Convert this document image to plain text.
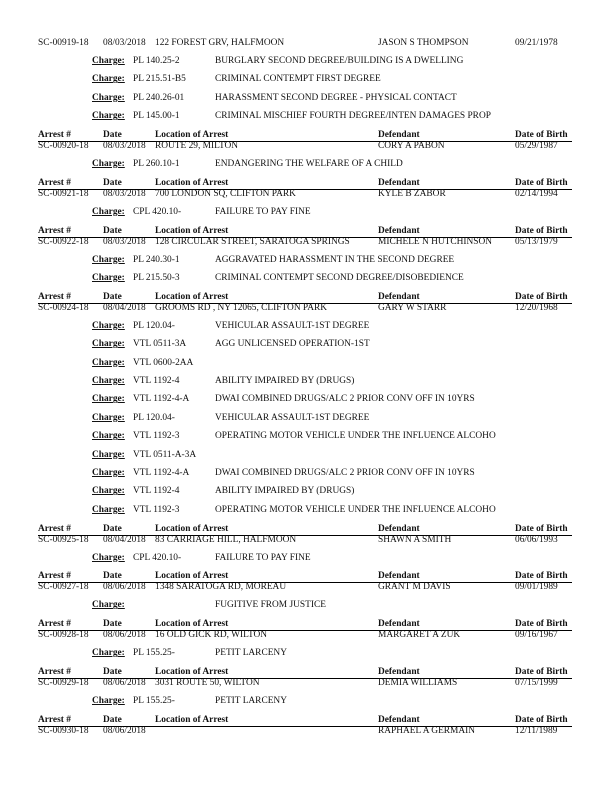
SC-00919-18 08/03/2018 122 FOREST GRV, HALFMOON	JASON S THOMPSON	09/21/1978
Charge: PL 140.25-2	BURGLARY SECOND DEGREE/BUILDING IS A DWELLING
Charge: PL 215.51-B5	CRIMINAL CONTEMPT FIRST DEGREE
Charge: PL 240.26-01	HARASSMENT SECOND DEGREE - PHYSICAL CONTACT
Charge: PL 145.00-1	CRIMINAL MISCHIEF FOURTH DEGREE/INTEN DAMAGES PROP
Arrest #	Date	Location of Arrest	Defendant	Date of Birth
SC-00920-18 08/03/2018 ROUTE 29, MILTON	CORY A PABON	05/29/1987
Charge: PL 260.10-1	ENDANGERING THE WELFARE OF A CHILD
Arrest #	Date	Location of Arrest	Defendant	Date of Birth
SC-00921-18 08/03/2018 700 LONDON SQ, CLIFTON PARK	KYLE B ZABOR	02/14/1994
Charge: CPL 420.10-	FAILURE TO PAY FINE
Arrest #	Date	Location of Arrest	Defendant	Date of Birth
SC-00922-18 08/03/2018 128 CIRCULAR STREET, SARATOGA SPRINGS	MICHELE N HUTCHINSON 05/13/1979
Charge: PL 240.30-1	AGGRAVATED HARASSMENT IN THE SECOND DEGREE
Charge: PL 215.50-3	CRIMINAL CONTEMPT SECOND DEGREE/DISOBEDIENCE
Arrest #	Date	Location of Arrest	Defendant	Date of Birth
SC-00924-18 08/04/2018 GROOMS RD , NY 12065, CLIFTON PARK	GARY W STARR	12/20/1968
Charge: PL 120.04-	VEHICULAR ASSAULT-1ST DEGREE
Charge: VTL 0511-3A	AGG UNLICENSED OPERATION-1ST
Charge: VTL 0600-2AA
Charge: VTL 1192-4	ABILITY IMPAIRED BY (DRUGS)
Charge: VTL 1192-4-A	DWAI COMBINED DRUGS/ALC 2 PRIOR CONV OFF IN 10YRS
Charge: PL 120.04-	VEHICULAR ASSAULT-1ST DEGREE
Charge: VTL 1192-3	OPERATING MOTOR VEHICLE UNDER THE INFLUENCE ALCOHO
Charge: VTL 0511-A-3A
Charge: VTL 1192-4-A	DWAI COMBINED DRUGS/ALC 2 PRIOR CONV OFF IN 10YRS
Charge: VTL 1192-4	ABILITY IMPAIRED BY (DRUGS)
Charge: VTL 1192-3	OPERATING MOTOR VEHICLE UNDER THE INFLUENCE ALCOHO
Arrest #	Date	Location of Arrest	Defendant	Date of Birth
SC-00925-18 08/04/2018 83 CARRIAGE HILL, HALFMOON	SHAWN A SMITH	06/06/1993
Charge: CPL 420.10-	FAILURE TO PAY FINE
Arrest #	Date	Location of Arrest	Defendant	Date of Birth
SC-00927-18 08/06/2018 1348 SARATOGA RD, MOREAU	GRANT M DAVIS	09/01/1989
Charge:	FUGITIVE FROM JUSTICE
Arrest #	Date	Location of Arrest	Defendant	Date of Birth
SC-00928-18 08/06/2018 16 OLD GICK RD, WILTON	MARGARET A ZUK	09/16/1967
Charge: PL 155.25-	PETIT LARCENY
Arrest #	Date	Location of Arrest	Defendant	Date of Birth
SC-00929-18 08/06/2018 3031 ROUTE 50, WILTON	DEMIA WILLIAMS	07/15/1999
Charge: PL 155.25-	PETIT LARCENY
Arrest #	Date	Location of Arrest	Defendant	Date of Birth
SC-00930-18 08/06/2018	RAPHAEL A GERMAIN	12/11/1989
